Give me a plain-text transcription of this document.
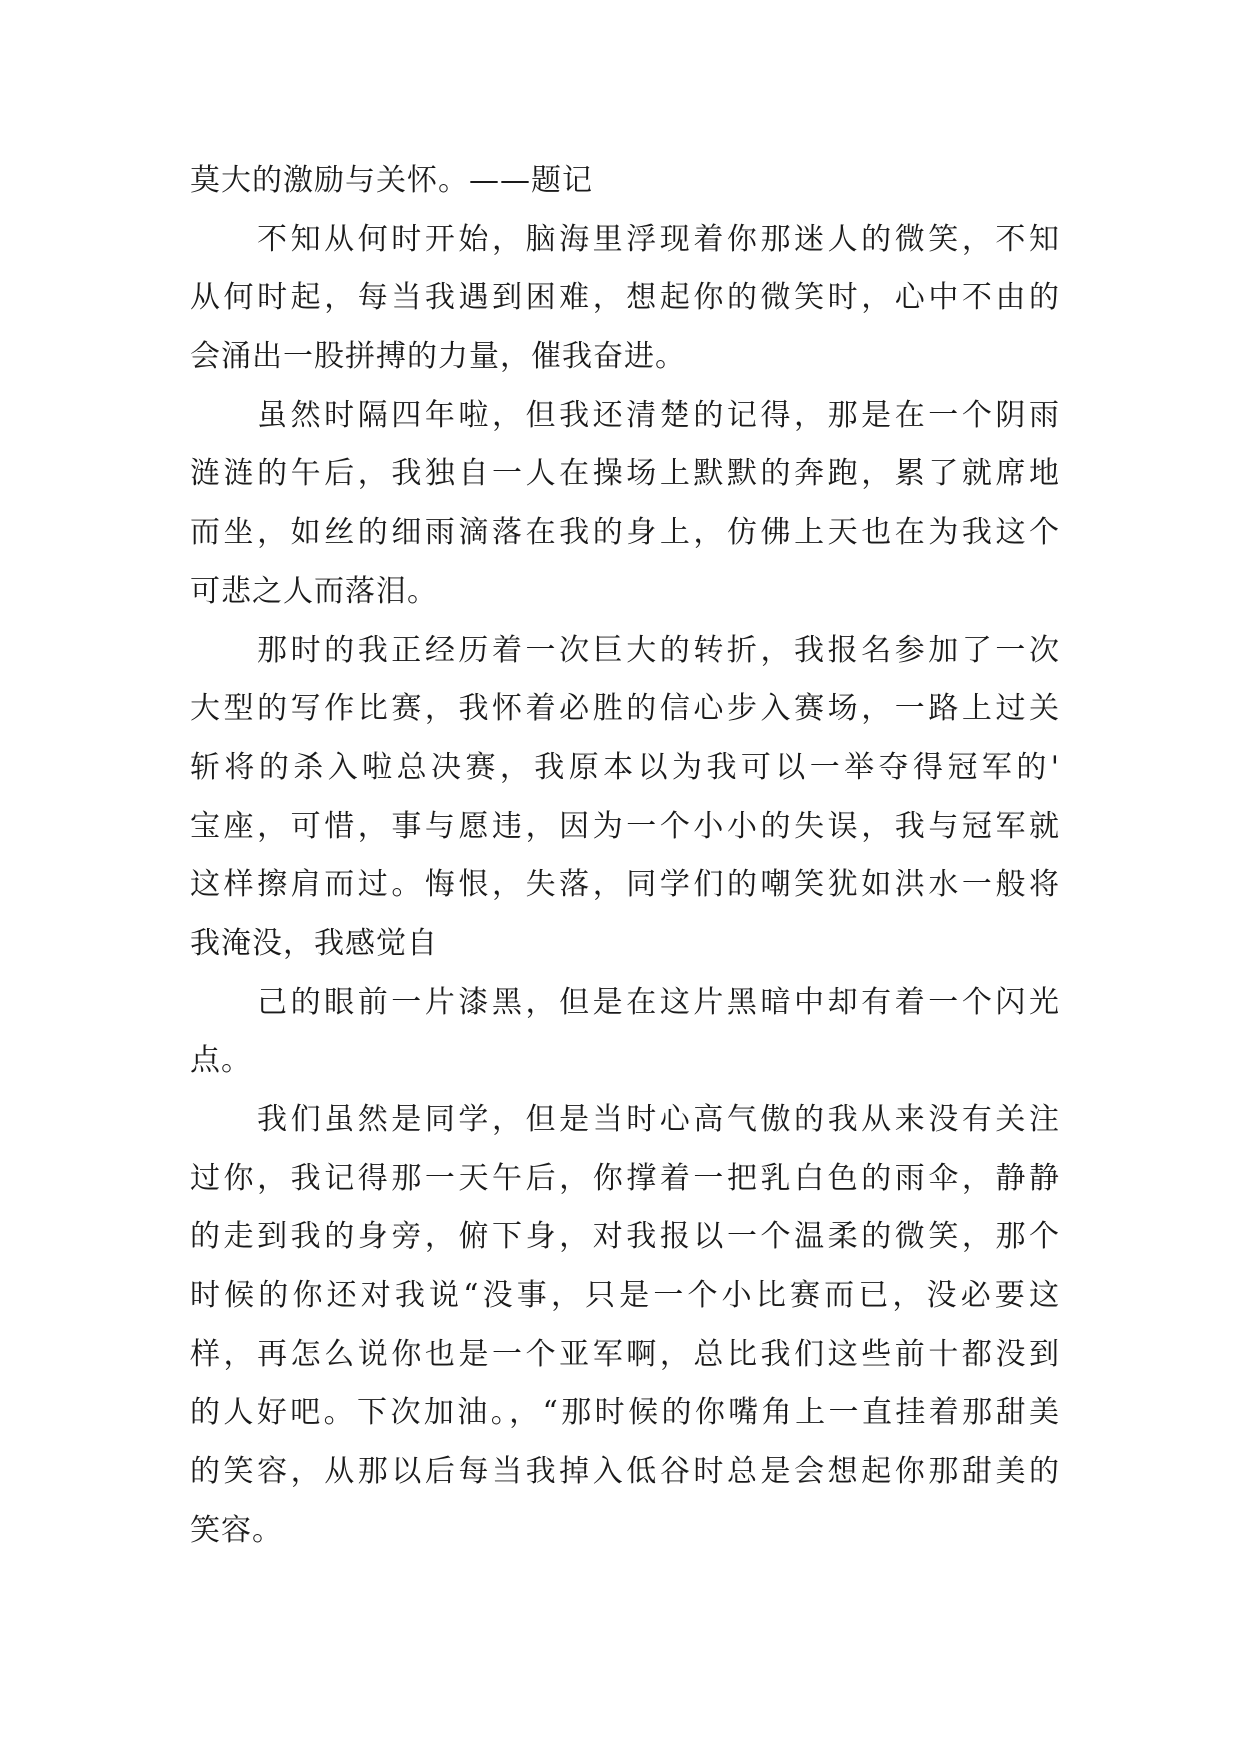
莫大的激励与关怀。——题记
不知从何时开始，脑海里浮现着你那迷人的微笑，不知
从何时起，每当我遇到困难，想起你的微笑时，心中不由的
会涌出一股拼搏的力量，催我奋进。
虽然时隔四年啦，但我还清楚的记得，那是在一个阴雨
涟涟的午后，我独自一人在操场上默默的奔跑，累了就席地
而坐，如丝的细雨滴落在我的身上，仿佛上天也在为我这个
可悲之人而落泪。
那时的我正经历着一次巨大的转折，我报名参加了一次
大型的写作比赛，我怀着必胜的信心步入赛场，一路上过关
斩将的杀入啦总决赛，我原本以为我可以一举夺得冠军的'
宝座，可惜，事与愿违，因为一个小小的失误，我与冠军就
这样擦肩而过。悔恨，失落，同学们的嘲笑犹如洪水一般将
我淹没，我感觉自
己的眼前一片漆黑，但是在这片黑暗中却有着一个闪光
点。
我们虽然是同学，但是当时心高气傲的我从来没有关注
过你，我记得那一天午后，你撑着一把乳白色的雨伞，静静
的走到我的身旁，俯下身，对我报以一个温柔的微笑，那个
时候的你还对我说“没事，只是一个小比赛而已，没必要这
样，再怎么说你也是一个亚军啊，总比我们这些前十都没到
的人好吧。下次加油。，“那时候的你嘴角上一直挂着那甜美
的笑容，从那以后每当我掉入低谷时总是会想起你那甜美的
笑容。
